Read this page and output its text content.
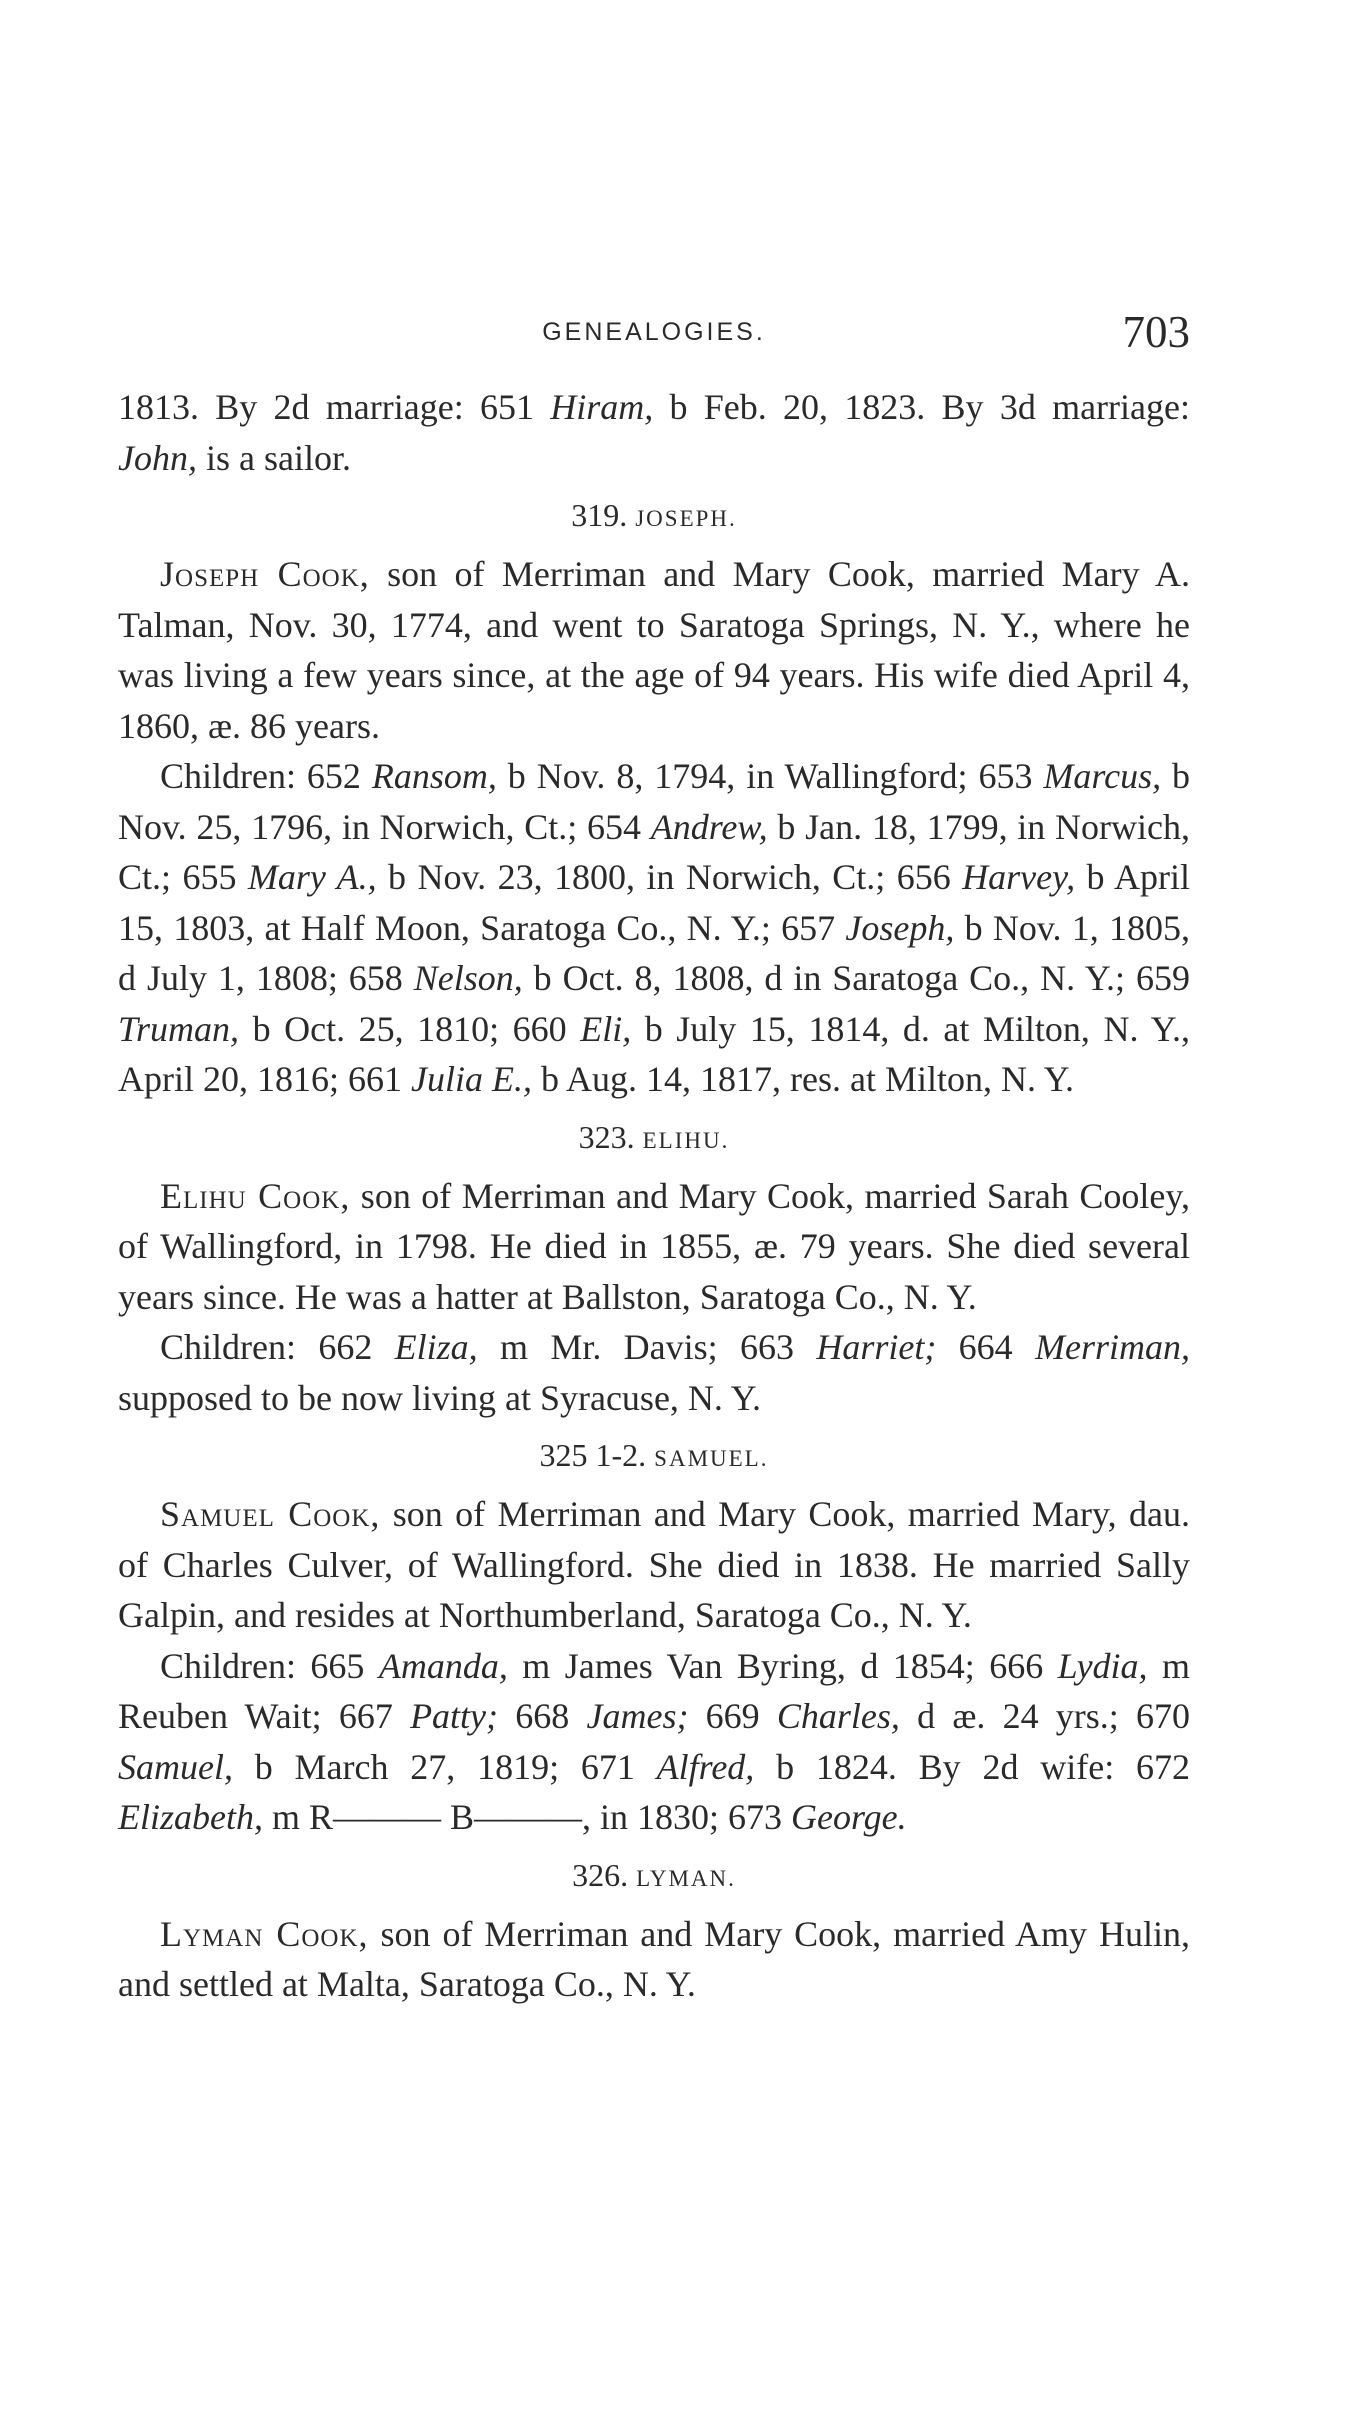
GENEALOGIES.	703

1813. By 2d marriage: 651 Hiram, b Feb. 20, 1823. By 3d marriage: John, is a sailor.

319. JOSEPH.

Joseph Cook, son of Merriman and Mary Cook, married Mary A. Talman, Nov. 30, 1774, and went to Saratoga Springs, N. Y., where he was living a few years since, at the age of 94 years. His wife died April 4, 1860, æ. 86 years.

Children: 652 Ransom, b Nov. 8, 1794, in Wallingford; 653 Marcus, b Nov. 25, 1796, in Norwich, Ct.; 654 Andrew, b Jan. 18, 1799, in Norwich, Ct.; 655 Mary A., b Nov. 23, 1800, in Norwich, Ct.; 656 Harvey, b April 15, 1803, at Half Moon, Saratoga Co., N. Y.; 657 Joseph, b Nov. 1, 1805, d July 1, 1808; 658 Nelson, b Oct. 8, 1808, d in Saratoga Co., N. Y.; 659 Truman, b Oct. 25, 1810; 660 Eli, b July 15, 1814, d. at Milton, N. Y., April 20, 1816; 661 Julia E., b Aug. 14, 1817, res. at Milton, N. Y.

323. ELIHU.

Elihu Cook, son of Merriman and Mary Cook, married Sarah Cooley, of Wallingford, in 1798. He died in 1855, æ. 79 years. She died several years since. He was a hatter at Ballston, Saratoga Co., N. Y.

Children: 662 Eliza, m Mr. Davis; 663 Harriet; 664 Merriman, supposed to be now living at Syracuse, N. Y.

325 1-2. SAMUEL.

Samuel Cook, son of Merriman and Mary Cook, married Mary, dau. of Charles Culver, of Wallingford. She died in 1838. He married Sally Galpin, and resides at Northumberland, Saratoga Co., N. Y.

Children: 665 Amanda, m James Van Byring, d 1854; 666 Lydia, m Reuben Wait; 667 Patty; 668 James; 669 Charles, d æ. 24 yrs.; 670 Samuel, b March 27, 1819; 671 Alfred, b 1824. By 2d wife: 672 Elizabeth, m R——— B———, in 1830; 673 George.

326. LYMAN.

Lyman Cook, son of Merriman and Mary Cook, married Amy Hulin, and settled at Malta, Saratoga Co., N. Y.
